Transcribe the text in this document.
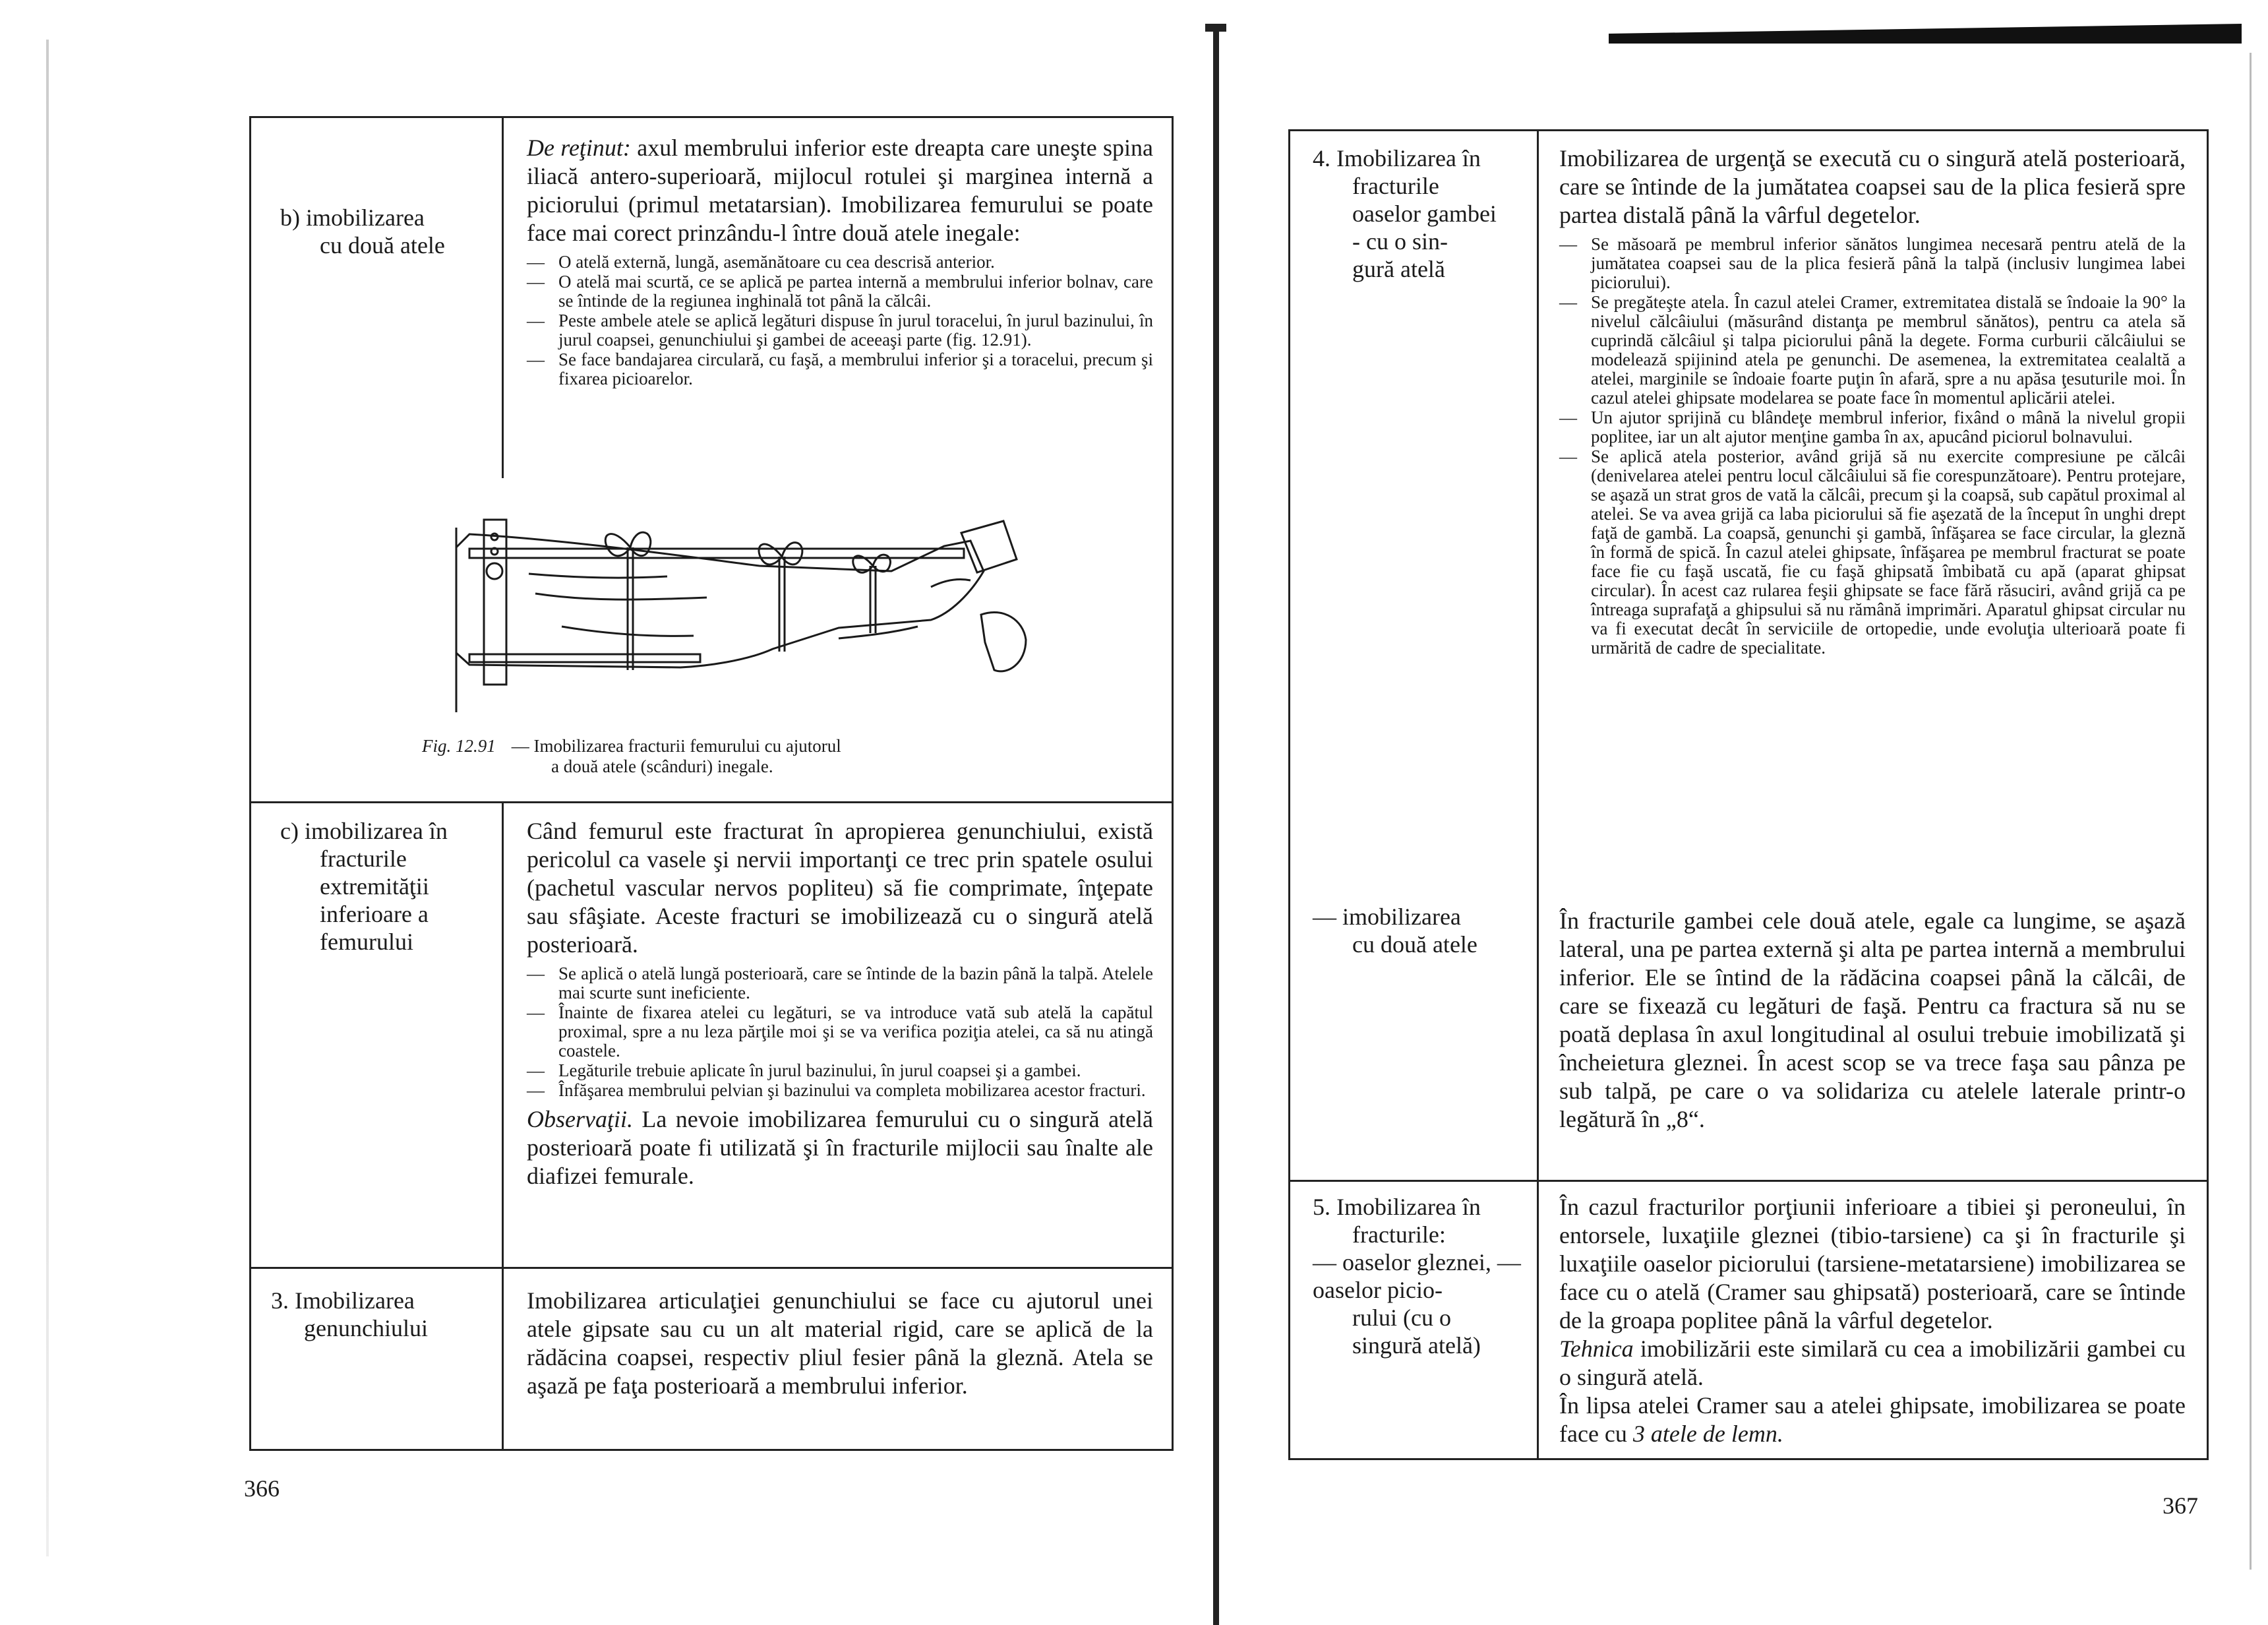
b) imobilizarea
cu două atele

De reţinut: axul membrului inferior este dreapta care uneşte spina iliacă antero-superioară, mijlocul rotulei şi marginea internă a piciorului (primul metatarsian). Imobilizarea femurului se poate face mai corect prinzându-l între două atele inegale:

— O atelă externă, lungă, asemănătoare cu cea descrisă anterior.
— O atelă mai scurtă, ce se aplică pe partea internă a membrului inferior bolnav, care se întinde de la regiunea inghinală tot până la călcâi.
— Peste ambele atele se aplică legături dispuse în jurul toracelui, în jurul bazinului, în jurul coapsei, genunchiului şi gambei de aceeaşi parte (fig. 12.91).
— Se face bandajarea circulară, cu faşă, a membrului inferior şi a toracelui, precum şi fixarea picioarelor.
c) imobilizarea în
fracturile
extremităţii
inferioare a
femurului

Când femurul este fracturat în apropierea genunchiului, există pericolul ca vasele şi nervii importanţi ce trec prin spatele osului (pachetul vascular nervos popliteu) să fie comprimate, înţepate sau sfâşiate. Aceste fracturi se imobilizează cu o singură atelă posterioară.

— Se aplică o atelă lungă posterioară, care se întinde de la bazin până la talpă. Atelele mai scurte sunt ineficiente.
— Înainte de fixarea atelei cu legături, se va introduce vată sub atelă la capătul proximal, spre a nu leza părţile moi şi se va verifica poziţia atelei, ca să nu atingă coastele.
— Legăturile trebuie aplicate în jurul bazinului, în jurul coapsei şi a gambei.
— Înfăşarea membrului pelvian şi bazinului va completa mobilizarea acestor fracturi.

Observaţii. La nevoie imobilizarea femurului cu o singură atelă posterioară poate fi utilizată şi în fracturile mijlocii sau înalte ale diafizei femurale.

3. Imobilizarea
genunchiului

Imobilizarea articulaţiei genunchiului se face cu ajutorul unei atele gipsate sau cu un alt material rigid, care se aplică de la rădăcina coapsei, respectiv pliul fesier până la gleznă. Atela se aşază pe faţa posterioară a membrului inferior.

Fig. 12.91 — Imobilizarea fracturii femurului cu ajutorul
a două atele (scânduri) inegale.
366
4. Imobilizarea în
fracturile
oaselor gambei
- cu o sin-
gură atelă

Imobilizarea de urgenţă se execută cu o singură atelă posterioară, care se întinde de la jumătatea coapsei sau de la plica fesieră spre partea distală până la vârful degetelor.

— Se măsoară pe membrul inferior sănătos lungimea necesară pentru atelă de la jumătatea coapsei sau de la plica fesieră până la talpă (inclusiv lungimea labei piciorului).
— Se pregăteşte atela. În cazul atelei Cramer, extremitatea distală se îndoaie la 90° la nivelul călcâiului (măsurând distanţa pe membrul sănătos), pentru ca atela să cuprindă călcâiul şi talpa piciorului până la degete. Forma curburii călcâiului se modelează spijinind atela pe genunchi. De asemenea, la extremitatea cealaltă a atelei, marginile se îndoaie foarte puţin în afară, spre a nu apăsa ţesuturile moi. În cazul atelei ghipsate modelarea se poate face în momentul aplicării atelei.
— Un ajutor sprijină cu blândeţe membrul inferior, fixând o mână la nivelul gropii poplitee, iar un alt ajutor menţine gamba în ax, apucând piciorul bolnavului.
— Se aplică atela posterior, având grijă să nu exercite compresiune pe călcâi (denivelarea atelei pentru locul călcâiului să fie corespunzătoare). Pentru protejare, se aşază un strat gros de vată la călcâi, precum şi la coapsă, sub capătul proximal al atelei. Se va avea grijă ca laba piciorului să fie aşezată de la început în unghi drept faţă de gambă. La coapsă, genunchi şi gambă, înfăşarea se face circular, la gleznă în formă de spică. În cazul atelei ghipsate, înfăşarea pe membrul fracturat se poate face fie cu faşă uscată, fie cu faşă ghipsată îmbibată cu apă (aparat ghipsat circular). În acest caz rularea feşii ghipsate se face fără răsuciri, având grijă ca pe întreaga suprafaţă a ghipsului să nu rămână imprimări. Aparatul ghipsat circular nu va fi executat decât în serviciile de ortopedie, unde evoluţia ulterioară poate fi urmărită de cadre de specialitate.
— imobilizarea
cu două atele

În fracturile gambei cele două atele, egale ca lungime, se aşază lateral, una pe partea externă şi alta pe partea internă a membrului inferior. Ele se întind de la rădăcina coapsei până la călcâi, de care se fixează cu legături de faşă. Pentru ca fractura să nu se poată deplasa în axul longitudinal al osului trebuie imobilizată şi încheietura gleznei. În acest scop se va trece faşa sau pânza pe sub talpă, pe care o va solidariza cu atelele laterale printr-o legătură în „8“.

5. Imobilizarea în
fracturile:
— oaselor gleznei, — oaselor picio-
rului (cu o
singură atelă)

În cazul fracturilor porţiunii inferioare a tibiei şi peroneului, în entorsele, luxaţiile gleznei (tibio-tarsiene) ca şi în fracturile şi luxaţiile oaselor piciorului (tarsiene-metatarsiene) imobilizarea se face cu o atelă (Cramer sau ghipsată) posterioară, care se întinde de la groapa poplitee până la vârful degetelor.

Tehnica imobilizării este similară cu cea a imobilizării gambei cu o singură atelă.

În lipsa atelei Cramer sau a atelei ghipsate, imobilizarea se poate face cu 3 atele de lemn.

367
